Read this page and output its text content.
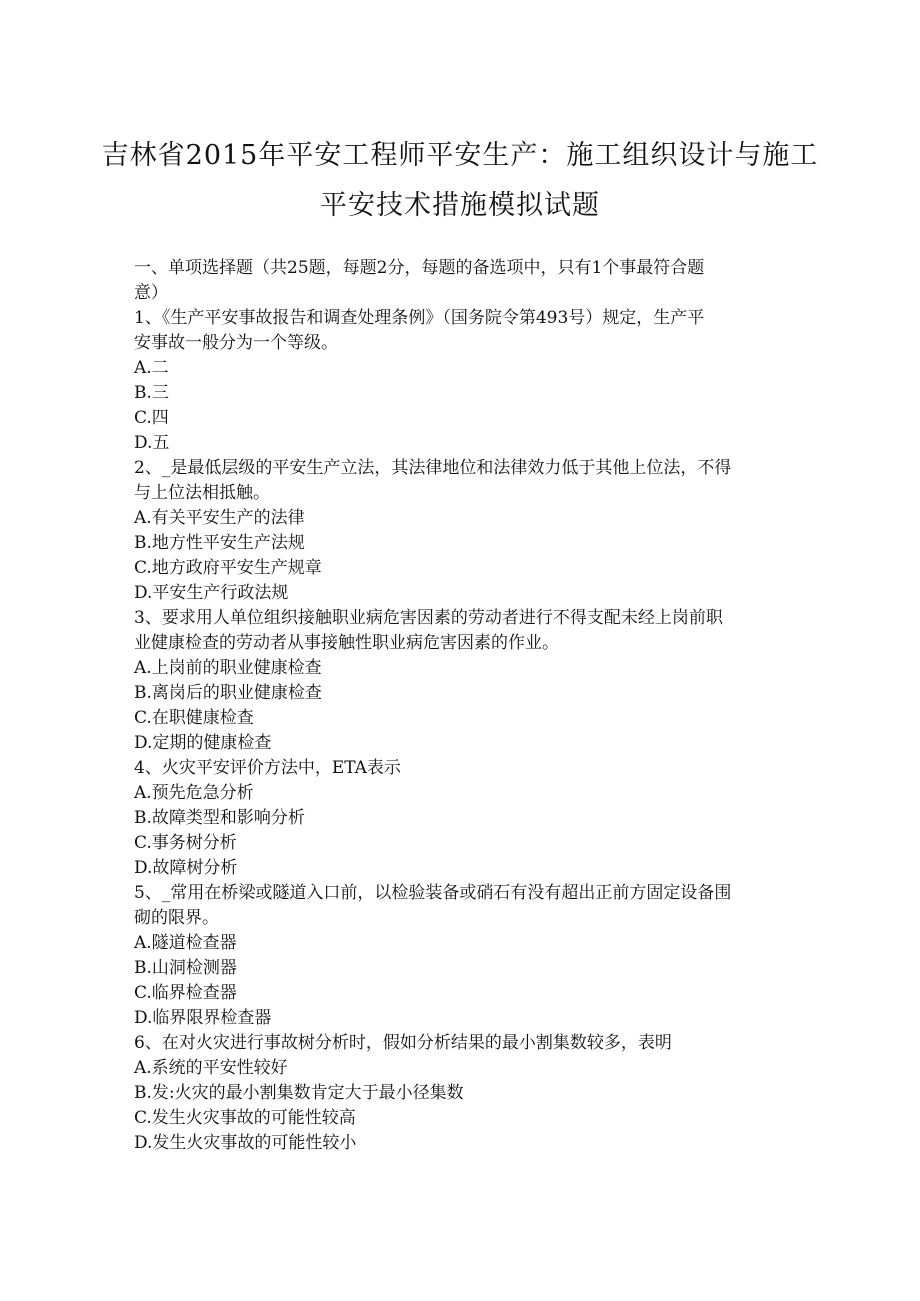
吉林省2015年平安工程师平安生产：施工组织设计与施工
平安技术措施模拟试题
一、单项选择题（共25题，每题2分，每题的备选项中，只有1个事最符合题
意）
1、《生产平安事故报告和调查处理条例》（国务院令第493号）规定，生产平
安事故一般分为一个等级。
A.二
B.三
C.四
D.五
2、_是最低层级的平安生产立法，其法律地位和法律效力低于其他上位法，不得
与上位法相抵触。
A.有关平安生产的法律
B.地方性平安生产法规
C.地方政府平安生产规章
D.平安生产行政法规
3、要求用人单位组织接触职业病危害因素的劳动者进行不得支配未经上岗前职
业健康检查的劳动者从事接触性职业病危害因素的作业。
A.上岗前的职业健康检查
B.离岗后的职业健康检查
C.在职健康检查
D.定期的健康检查
4、火灾平安评价方法中，ETA表示
A.预先危急分析
B.故障类型和影响分析
C.事务树分析
D.故障树分析
5、_常用在桥梁或隧道入口前，以检验装备或硝石有没有超出正前方固定设备围
砌的限界。
A.隧道检查器
B.山洞检测器
C.临界检查器
D.临界限界检查器
6、在对火灾进行事故树分析时，假如分析结果的最小割集数较多，表明
A.系统的平安性较好
B.发:火灾的最小割集数肯定大于最小径集数
C.发生火灾事故的可能性较高
D.发生火灾事故的可能性较小
